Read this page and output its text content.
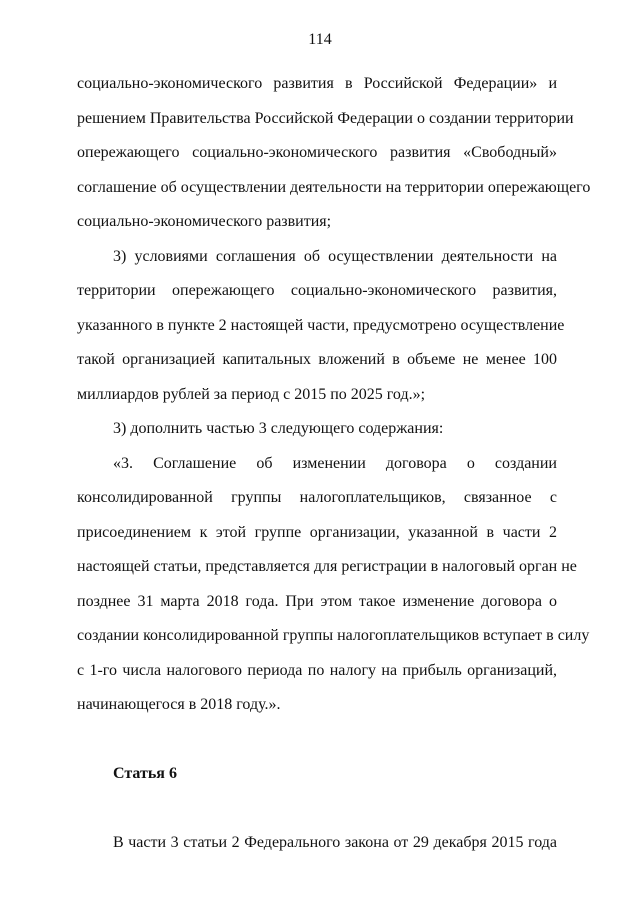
114
социально-экономического развития в Российской Федерации» и
решением Правительства Российской Федерации о создании территории
опережающего социально-экономического развития «Свободный»
соглашение об осуществлении деятельности на территории опережающего
социально-экономического развития;
3) условиями соглашения об осуществлении деятельности на
территории опережающего социально-экономического развития,
указанного в пункте 2 настоящей части, предусмотрено осуществление
такой организацией капитальных вложений в объеме не менее 100
миллиардов рублей за период с 2015 по 2025 год.»;
3) дополнить частью 3 следующего содержания:
«3. Соглашение об изменении договора о создании
консолидированной группы налогоплательщиков, связанное с
присоединением к этой группе организации, указанной в части 2
настоящей статьи, представляется для регистрации в налоговый орган не
позднее 31 марта 2018 года. При этом такое изменение договора о
создании консолидированной группы налогоплательщиков вступает в силу
с 1-го числа налогового периода по налогу на прибыль организаций,
начинающегося в 2018 году.».
Статья 6
В части 3 статьи 2 Федерального закона от 29 декабря 2015 года
